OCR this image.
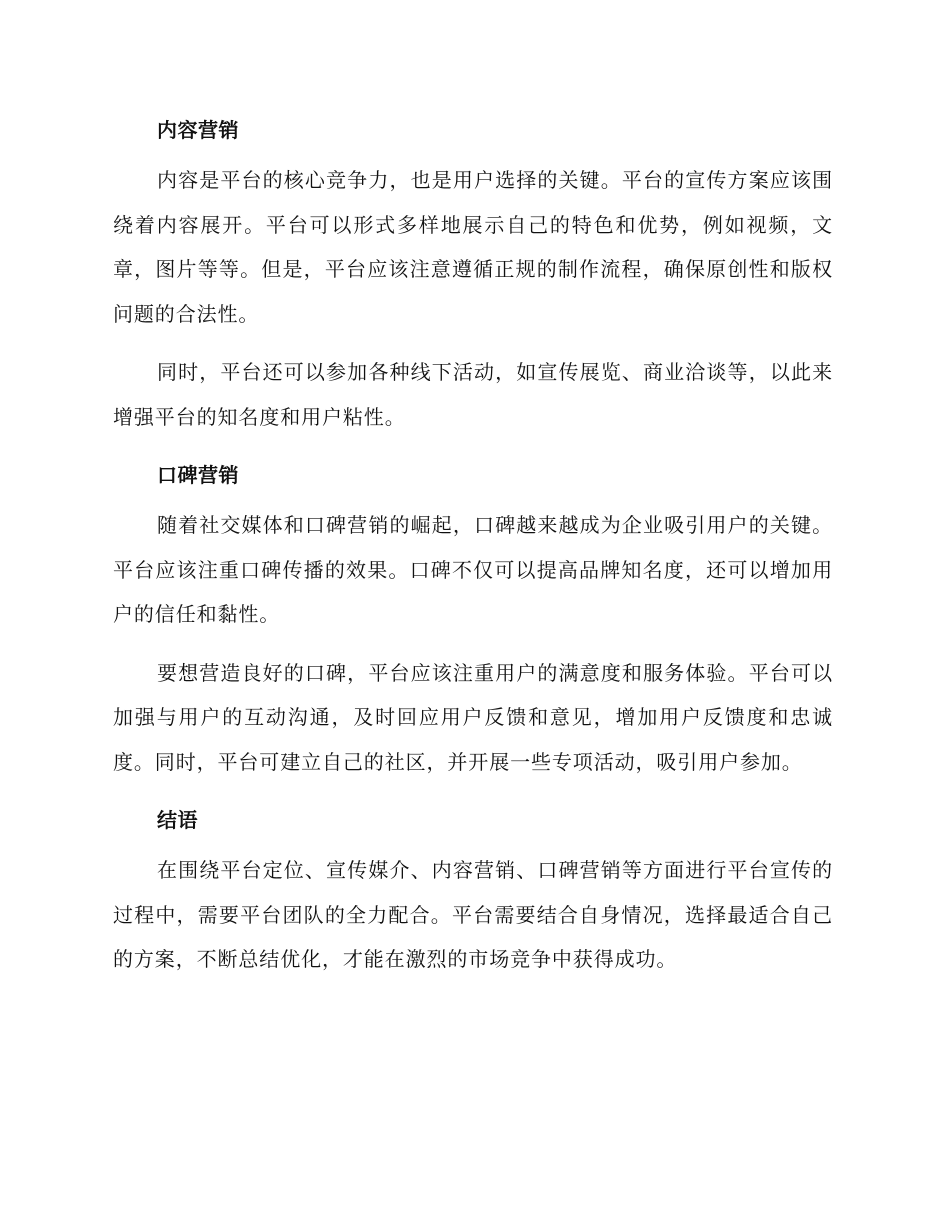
内容营销

内容是平台的核心竞争力，也是用户选择的关键。平台的宣传方案应该围绕着内容展开。平台可以形式多样地展示自己的特色和优势，例如视频，文章，图片等等。但是，平台应该注意遵循正规的制作流程，确保原创性和版权问题的合法性。

同时，平台还可以参加各种线下活动，如宣传展览、商业洽谈等，以此来增强平台的知名度和用户粘性。

口碑营销

随着社交媒体和口碑营销的崛起，口碑越来越成为企业吸引用户的关键。平台应该注重口碑传播的效果。口碑不仅可以提高品牌知名度，还可以增加用户的信任和黏性。

要想营造良好的口碑，平台应该注重用户的满意度和服务体验。平台可以加强与用户的互动沟通，及时回应用户反馈和意见，增加用户反馈度和忠诚度。同时，平台可建立自己的社区，并开展一些专项活动，吸引用户参加。

结语

在围绕平台定位、宣传媒介、内容营销、口碑营销等方面进行平台宣传的过程中，需要平台团队的全力配合。平台需要结合自身情况，选择最适合自己的方案，不断总结优化，才能在激烈的市场竞争中获得成功。
